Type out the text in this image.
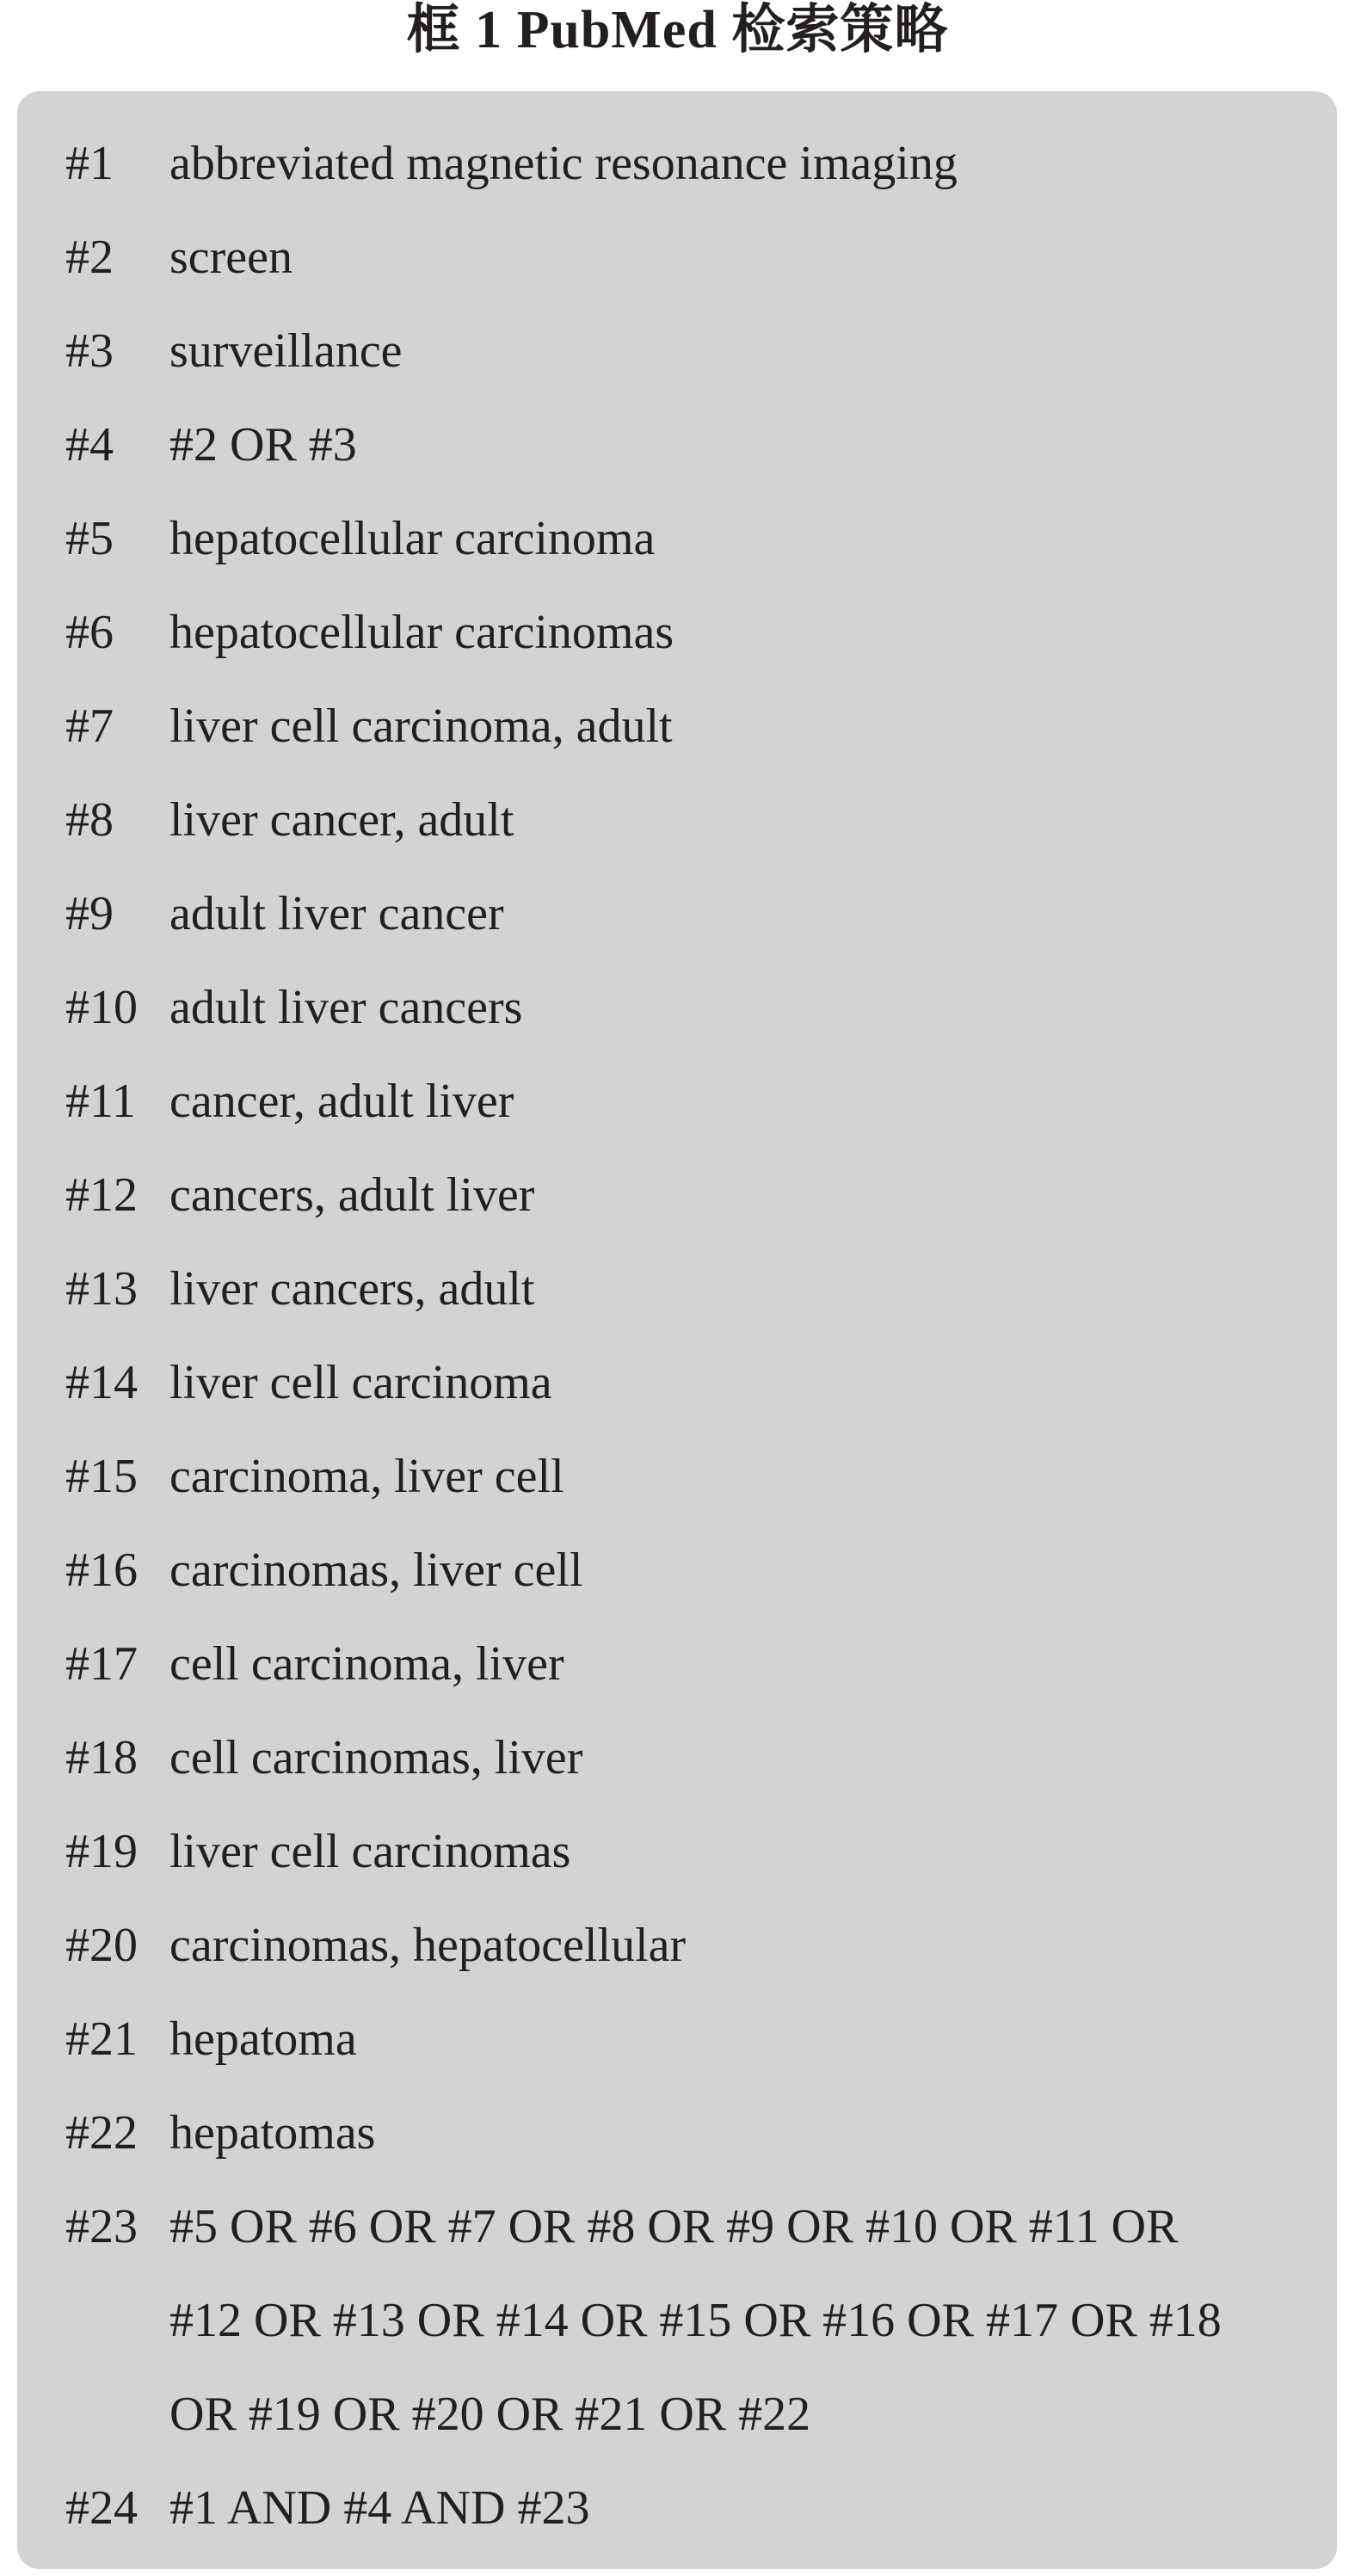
框 1 PubMed 检索策略
#1	abbreviated magnetic resonance imaging
#2	screen
#3	surveillance
#4	#2 OR #3
#5	hepatocellular carcinoma
#6	hepatocellular carcinomas
#7	liver cell carcinoma, adult
#8	liver cancer, adult
#9	adult liver cancer
#10 adult liver cancers
#11 cancer, adult liver
#12 cancers, adult liver
#13 liver cancers, adult
#14 liver cell carcinoma
#15 carcinoma, liver cell
#16 carcinomas, liver cell
#17 cell carcinoma, liver
#18 cell carcinomas, liver
#19 liver cell carcinomas
#20 carcinomas, hepatocellular
#21 hepatoma
#22 hepatomas
#23 #5 OR #6 OR #7 OR #8 OR #9 OR #10 OR #11 OR
#12 OR #13 OR #14 OR #15 OR #16 OR #17 OR #18
OR #19 OR #20 OR #21 OR #22
#24 #1 AND #4 AND #23
